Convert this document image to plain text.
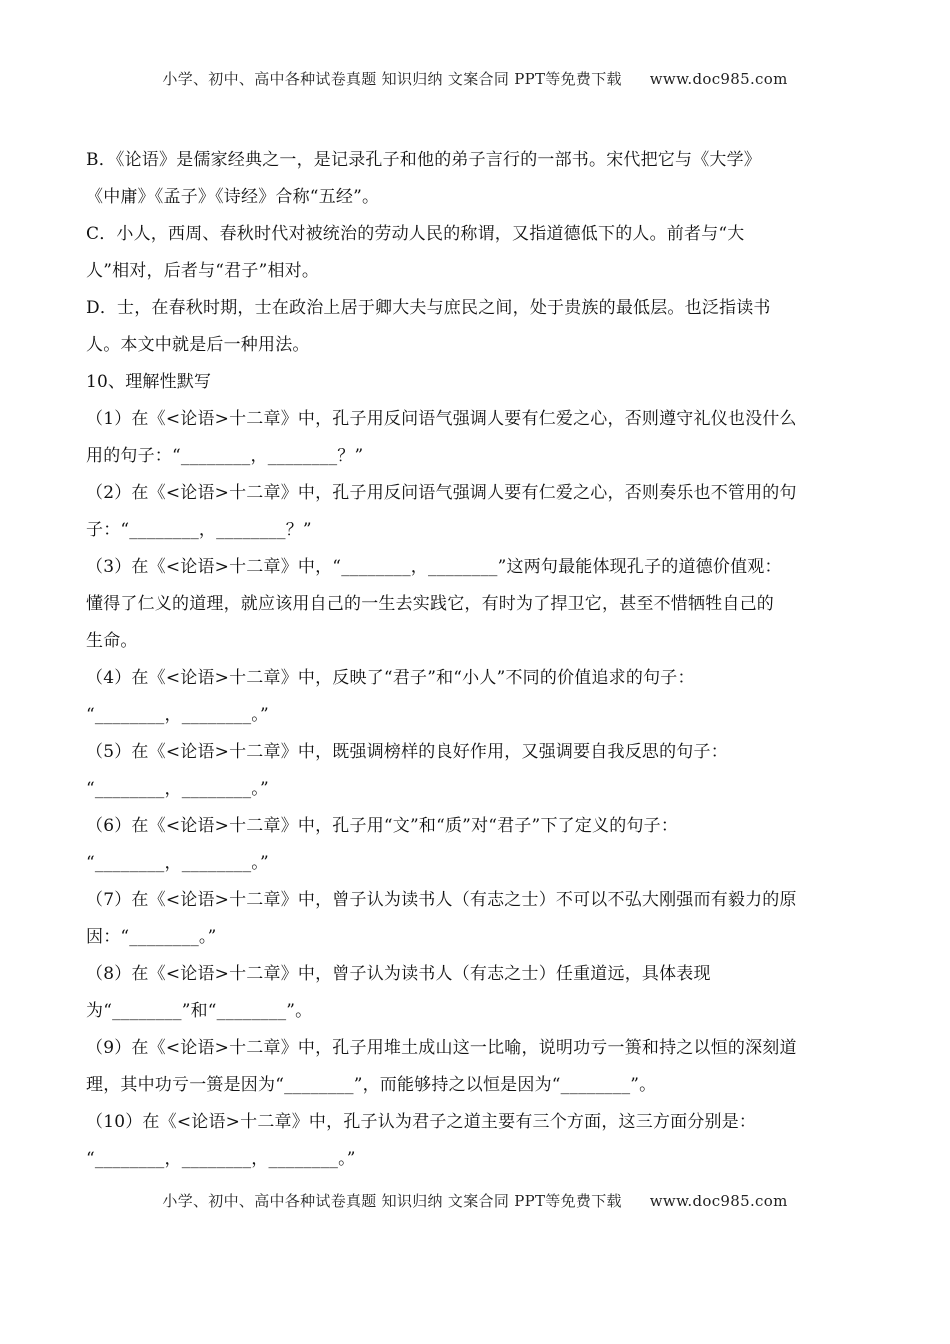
小学、初中、高中各种试卷真题 知识归纳 文案合同 PPT等免费下载 www.doc985.com
B．《论语》是儒家经典之一，是记录孔子和他的弟子言行的一部书。宋代把它与《大学》
《中庸》《孟子》《诗经》合称“五经”。
C．小人，西周、春秋时代对被统治的劳动人民的称谓，又指道德低下的人。前者与“大
人”相对，后者与“君子”相对。
D．士，在春秋时期，士在政治上居于卿大夫与庶民之间，处于贵族的最低层。也泛指读书
人。本文中就是后一种用法。
10、理解性默写
（1）在《<论语>十二章》中，孔子用反问语气强调人要有仁爱之心，否则遵守礼仪也没什么
用的句子：“________，________？”
（2）在《<论语>十二章》中，孔子用反问语气强调人要有仁爱之心，否则奏乐也不管用的句
子：“________，________？”
（3）在《<论语>十二章》中，“________，________”这两句最能体现孔子的道德价值观：
懂得了仁义的道理，就应该用自己的一生去实践它，有时为了捍卫它，甚至不惜牺牲自己的
生命。
（4）在《<论语>十二章》中，反映了“君子”和“小人”不同的价值追求的句子：
“________，________。”
（5）在《<论语>十二章》中，既强调榜样的良好作用，又强调要自我反思的句子：
“________，________。”
（6）在《<论语>十二章》中，孔子用“文”和“质”对“君子”下了定义的句子：
“________，________。”
（7）在《<论语>十二章》中，曾子认为读书人（有志之士）不可以不弘大刚强而有毅力的原
因：“________。”
（8）在《<论语>十二章》中，曾子认为读书人（有志之士）任重道远，具体表现
为“________”和“________”。
（9）在《<论语>十二章》中，孔子用堆土成山这一比喻，说明功亏一篑和持之以恒的深刻道
理，其中功亏一篑是因为“________”，而能够持之以恒是因为“________”。
（10）在《<论语>十二章》中，孔子认为君子之道主要有三个方面，这三方面分别是：
“________，________，________。”
小学、初中、高中各种试卷真题 知识归纳 文案合同 PPT等免费下载 www.doc985.com
